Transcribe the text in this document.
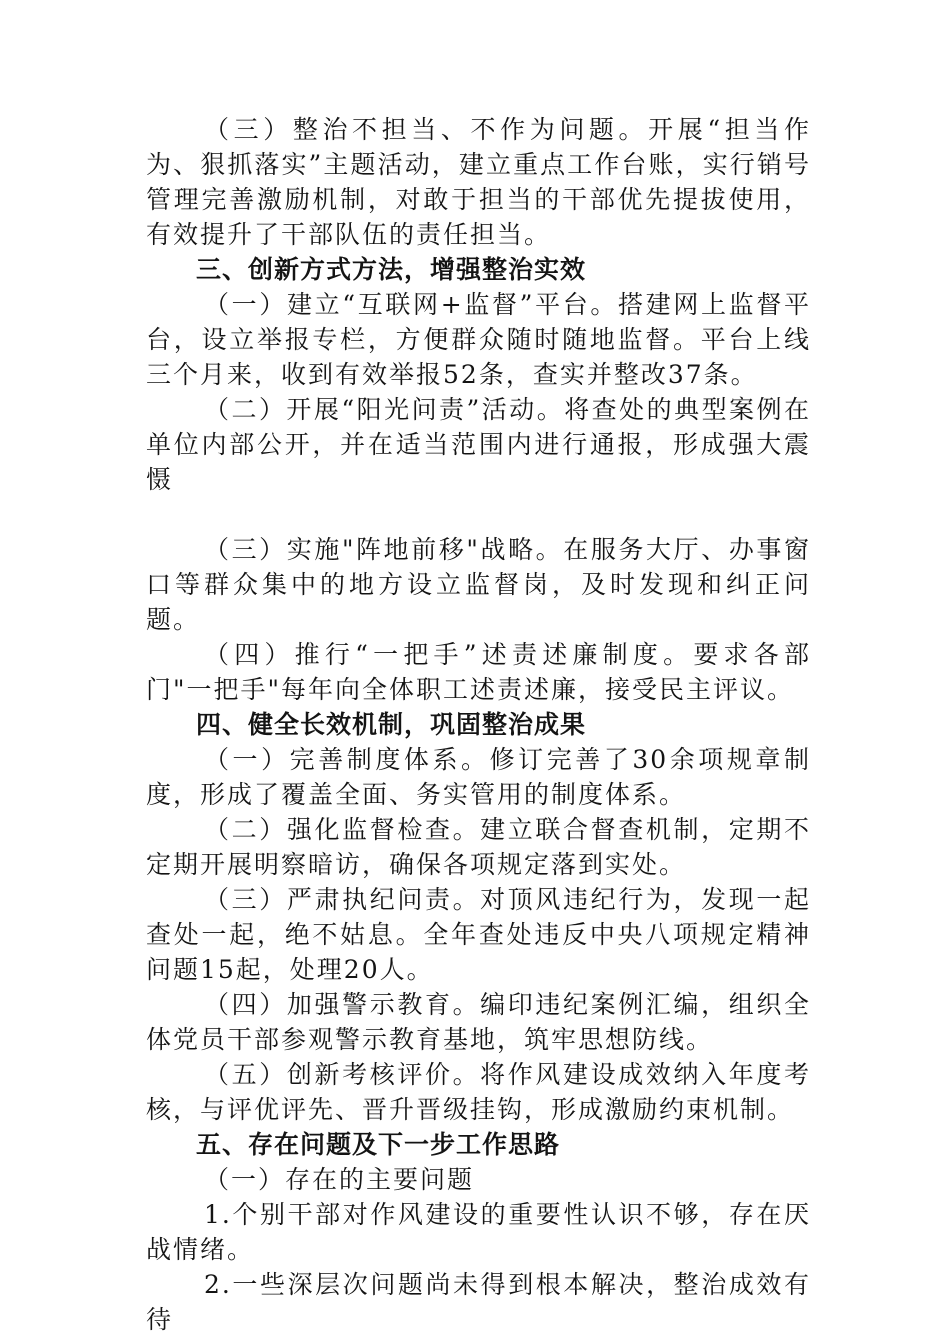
（三）整治不担当、不作为问题。开展“担当作为、狠抓落实”主题活动，建立重点工作台账，实行销号管理完善激励机制，对敢于担当的干部优先提拔使用，有效提升了干部队伍的责任担当。

三、创新方式方法，增强整治实效

（一）建立“互联网+监督”平台。搭建网上监督平台，设立举报专栏，方便群众随时随地监督。平台上线三个月来，收到有效举报52条，查实并整改37条。

（二）开展“阳光问责”活动。将查处的典型案例在单位内部公开，并在适当范围内进行通报，形成强大震慑

（三）实施"阵地前移"战略。在服务大厅、办事窗口等群众集中的地方设立监督岗，及时发现和纠正问题。

（四）推行“一把手”述责述廉制度。要求各部门"一把手"每年向全体职工述责述廉，接受民主评议。

四、健全长效机制，巩固整治成果

（一）完善制度体系。修订完善了30余项规章制度，形成了覆盖全面、务实管用的制度体系。

（二）强化监督检查。建立联合督查机制，定期不定期开展明察暗访，确保各项规定落到实处。

（三）严肃执纪问责。对顶风违纪行为，发现一起查处一起，绝不姑息。全年查处违反中央八项规定精神问题15起，处理20人。

（四）加强警示教育。编印违纪案例汇编，组织全体党员干部参观警示教育基地，筑牢思想防线。

（五）创新考核评价。将作风建设成效纳入年度考核，与评优评先、晋升晋级挂钩，形成激励约束机制。

五、存在问题及下一步工作思路

（一）存在的主要问题

1.个别干部对作风建设的重要性认识不够，存在厌战情绪。

2.一些深层次问题尚未得到根本解决，整治成效有待
